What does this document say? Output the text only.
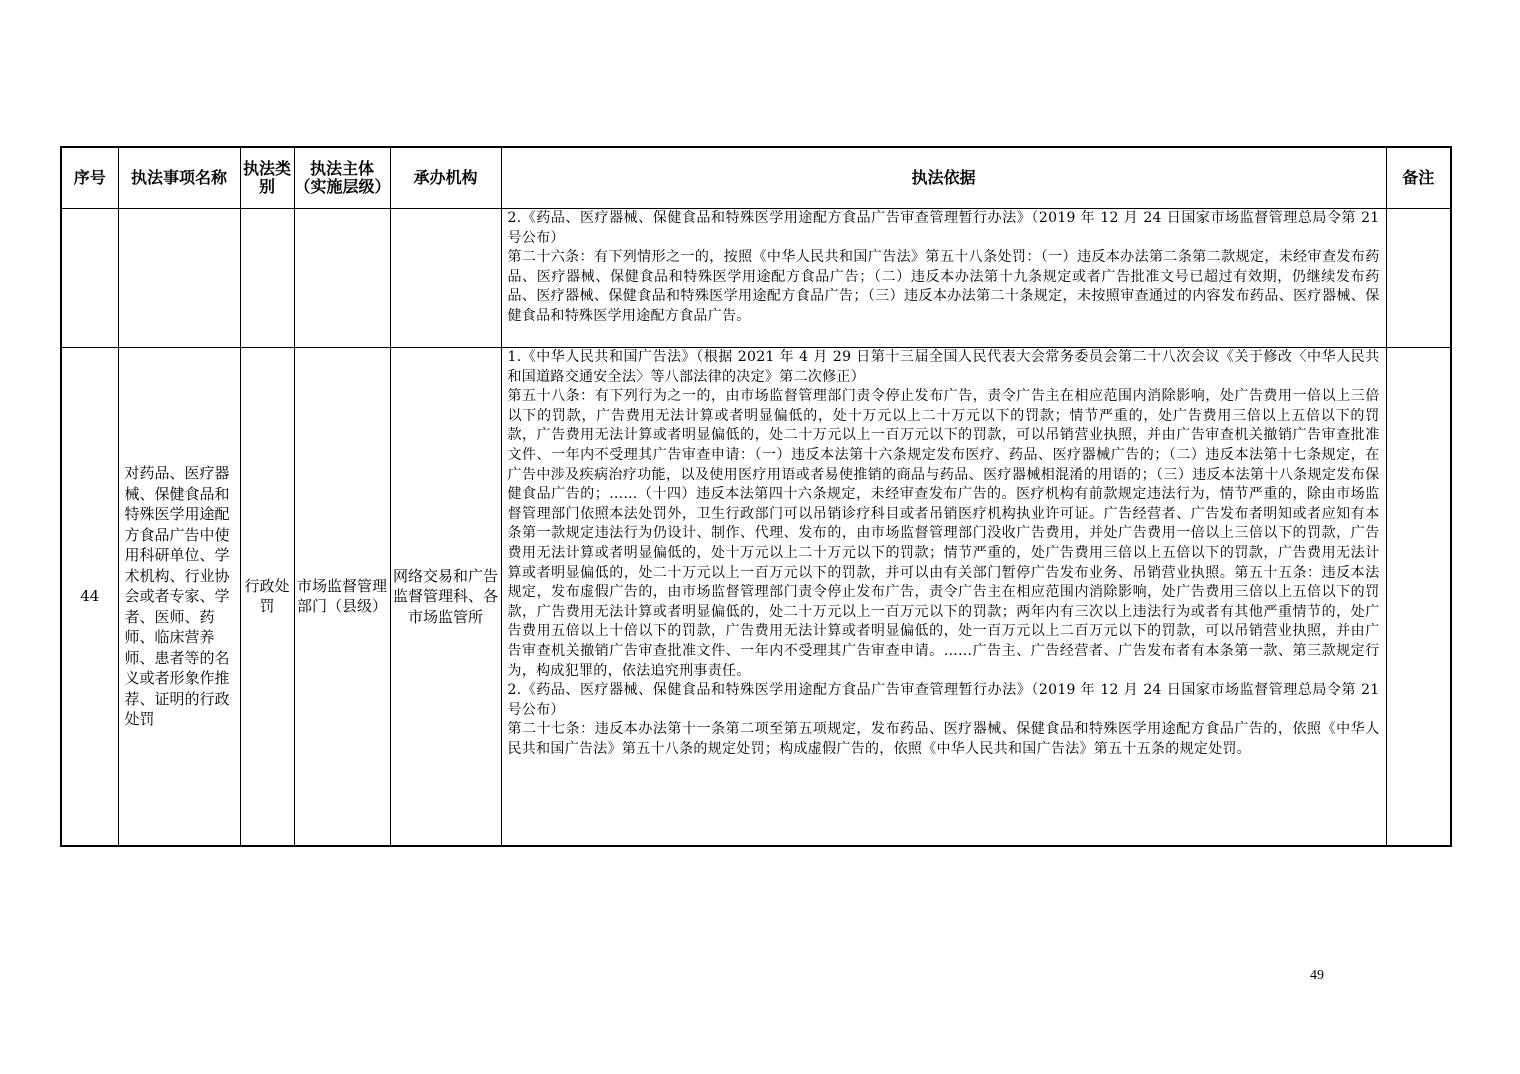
序号	执法事项名称	执法类别	执法主体（实施层级）	承办机构	执法依据	备注

					2.《药品、医疗器械、保健食品和特殊医学用途配方食品广告审查管理暂行办法》（2019 年 12 月 24 日国家市场监督管理总局令第 21 号公布）

第二十六条：有下列情形之一的，按照《中华人民共和国广告法》第五十八条处罚：（一）违反本办法第二条第二款规定，未经审查发布药品、医疗器械、保健食品和特殊医学用途配方食品广告；（二）违反本办法第十九条规定或者广告批准文号已超过有效期，仍继续发布药品、医疗器械、保健食品和特殊医学用途配方食品广告；（三）违反本办法第二十条规定，未按照审查通过的内容发布药品、医疗器械、保健食品和特殊医学用途配方食品广告。	

44	对药品、医疗器械、保健食品和特殊医学用途配方食品广告中使用科研单位、学术机构、行业协会或者专家、学者、医师、药师、临床营养师、患者等的名义或者形象作推荐、证明的行政处罚	行政处罚	市场监督管理部门（县级）	网络交易和广告监督管理科、各市场监管所	1.《中华人民共和国广告法》（根据 2021 年 4 月 29 日第十三届全国人民代表大会常务委员会第二十八次会议《关于修改〈中华人民共和国道路交通安全法〉等八部法律的决定》第二次修正）

第五十八条：有下列行为之一的，由市场监督管理部门责令停止发布广告，责令广告主在相应范围内消除影响，处广告费用一倍以上三倍以下的罚款，广告费用无法计算或者明显偏低的，处十万元以上二十万元以下的罚款；情节严重的，处广告费用三倍以上五倍以下的罚款，广告费用无法计算或者明显偏低的，处二十万元以上一百万元以下的罚款，可以吊销营业执照，并由广告审查机关撤销广告审查批准文件、一年内不受理其广告审查申请：（一）违反本法第十六条规定发布医疗、药品、医疗器械广告的；（二）违反本法第十七条规定，在广告中涉及疾病治疗功能，以及使用医疗用语或者易使推销的商品与药品、医疗器械相混淆的用语的；（三）违反本法第十八条规定发布保健食品广告的；……（十四）违反本法第四十六条规定，未经审查发布广告的。医疗机构有前款规定违法行为，情节严重的，除由市场监督管理部门依照本法处罚外，卫生行政部门可以吊销诊疗科目或者吊销医疗机构执业许可证。广告经营者、广告发布者明知或者应知有本条第一款规定违法行为仍设计、制作、代理、发布的，由市场监督管理部门没收广告费用，并处广告费用一倍以上三倍以下的罚款，广告费用无法计算或者明显偏低的，处十万元以上二十万元以下的罚款；情节严重的，处广告费用三倍以上五倍以下的罚款，广告费用无法计算或者明显偏低的，处二十万元以上一百万元以下的罚款，并可以由有关部门暂停广告发布业务、吊销营业执照。第五十五条：违反本法规定，发布虚假广告的，由市场监督管理部门责令停止发布广告，责令广告主在相应范围内消除影响，处广告费用三倍以上五倍以下的罚款，广告费用无法计算或者明显偏低的，处二十万元以上一百万元以下的罚款；两年内有三次以上违法行为或者有其他严重情节的，处广告费用五倍以上十倍以下的罚款，广告费用无法计算或者明显偏低的，处一百万元以上二百万元以下的罚款，可以吊销营业执照，并由广告审查机关撤销广告审查批准文件、一年内不受理其广告审查申请。……广告主、广告经营者、广告发布者有本条第一款、第三款规定行为，构成犯罪的，依法追究刑事责任。

2.《药品、医疗器械、保健食品和特殊医学用途配方食品广告审查管理暂行办法》（2019 年 12 月 24 日国家市场监督管理总局令第 21 号公布）

第二十七条：违反本办法第十一条第二项至第五项规定，发布药品、医疗器械、保健食品和特殊医学用途配方食品广告的，依照《中华人民共和国广告法》第五十八条的规定处罚；构成虚假广告的，依照《中华人民共和国广告法》第五十五条的规定处罚。	

49
